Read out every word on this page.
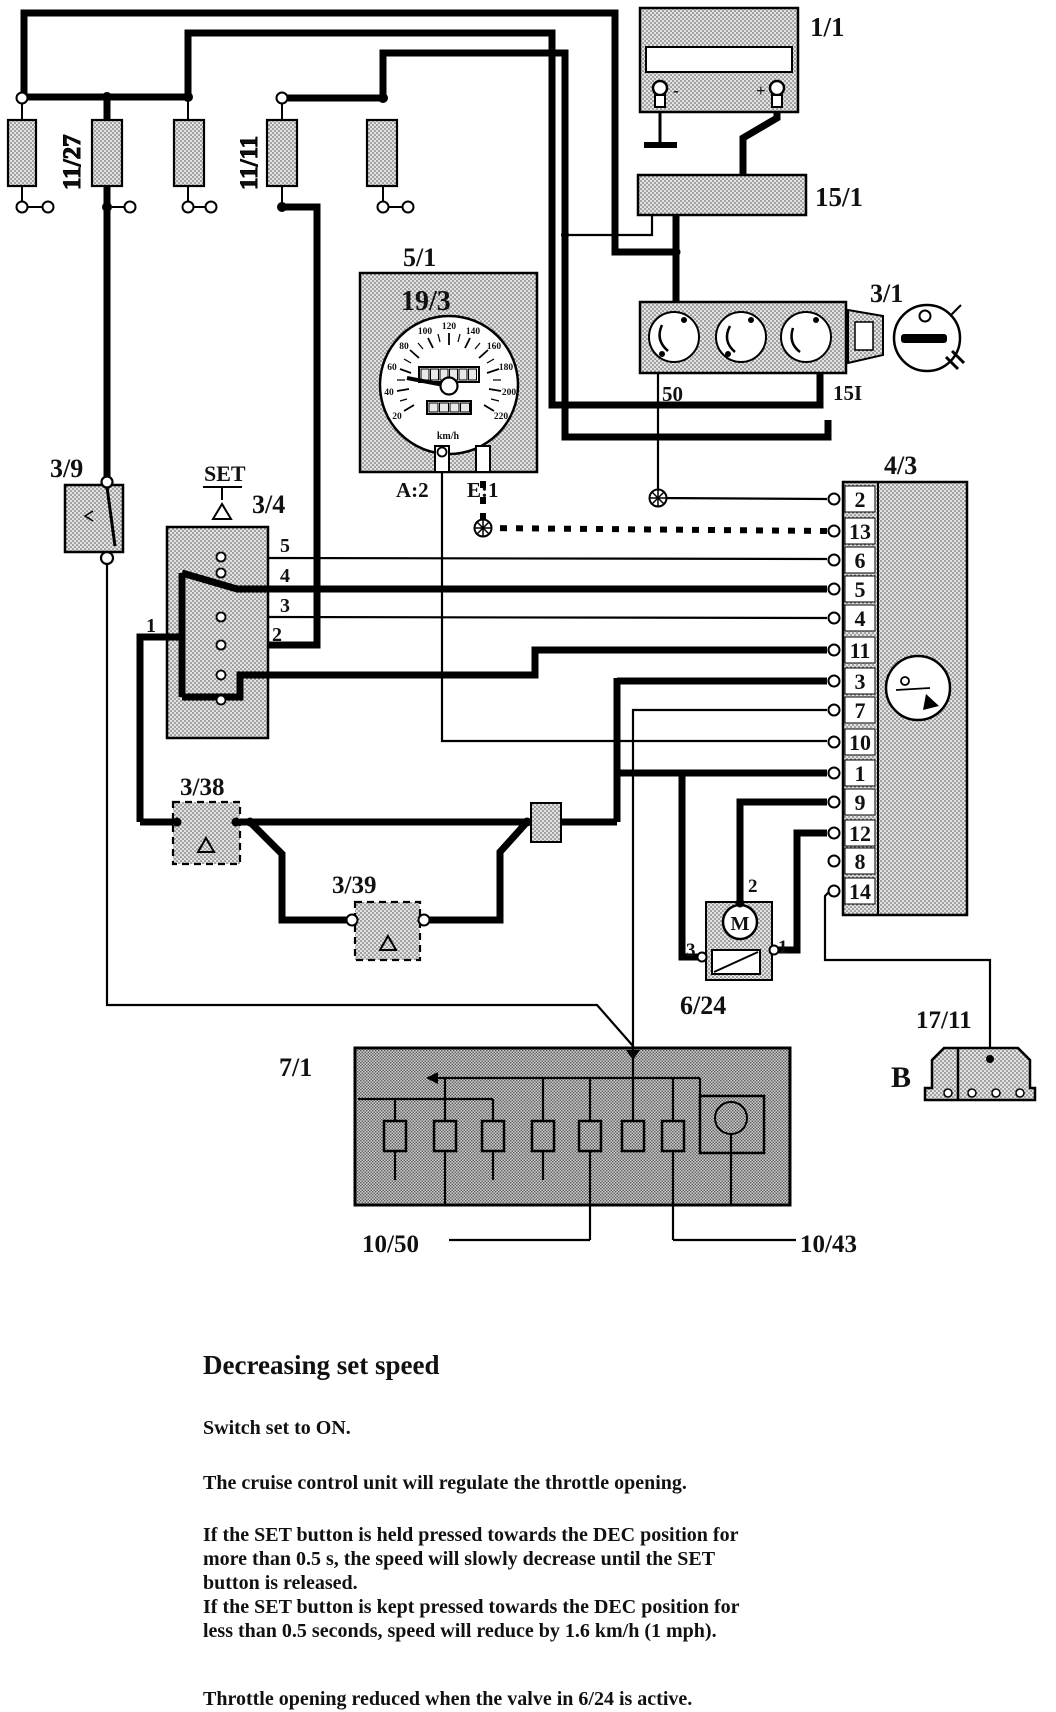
11/27	11/11
-	+
1/1
15/1
3/1
50	15I
5/1
19/3
20
40
60
80
100 120 140
160
180
200
220
km/h
A:2 E:1
3/9	SET
3/4
5
4
3
2
1
3/38
3/39
4/3
2
13
6
5
4
11
3
7
10
1
9
12
8
14
M
2
3	1
6/24
7/1
10/50	10/43
17/11
B

Decreasing set speed

Switch set to ON.

The cruise control unit will regulate the throttle opening.

If the SET button is held pressed towards the DEC position for

more than 0.5 s, the speed will slowly decrease until the SET

button is released.

If the SET button is kept pressed towards the DEC position for

less than 0.5 seconds, speed will reduce by 1.6 km/h (1 mph).

Throttle opening reduced when the valve in 6/24 is active.
